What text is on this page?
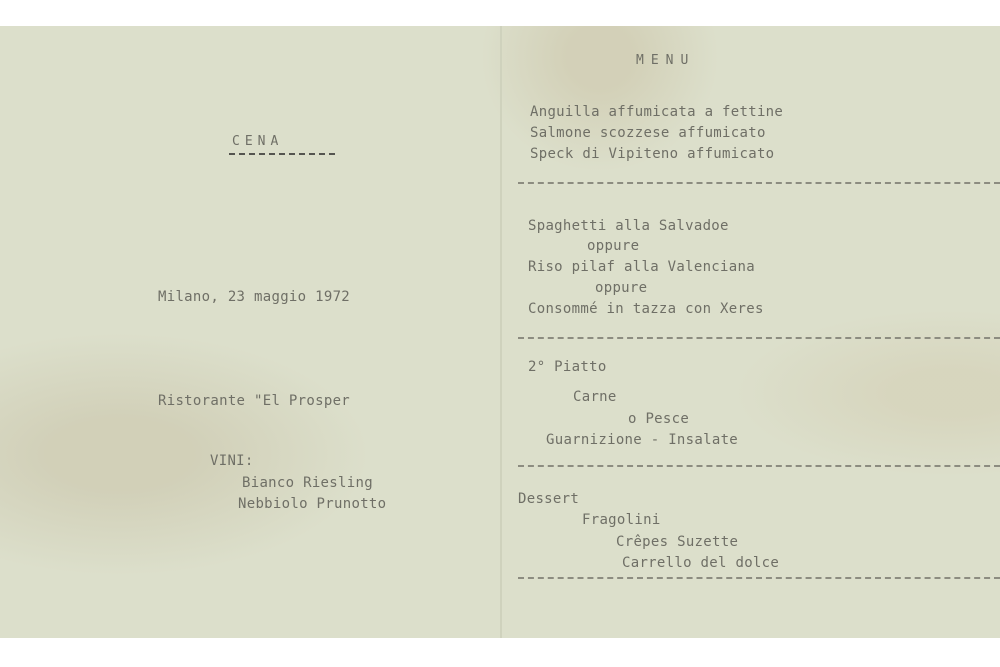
CENA
Milano, 23 maggio 1972
Ristorante "El Prosper
VINI:
Bianco Riesling
Nebbiolo Prunotto
MENU
Anguilla affumicata a fettine
Salmone scozzese affumicato
Speck di Vipiteno affumicato
Spaghetti alla Salvadoe
oppure
Riso pilaf alla Valenciana
oppure
Consommé in tazza con Xeres
2° Piatto
Carne
o Pesce
Guarnizione - Insalate
Dessert
Fragolini
Crêpes Suzette
Carrello del dolce
